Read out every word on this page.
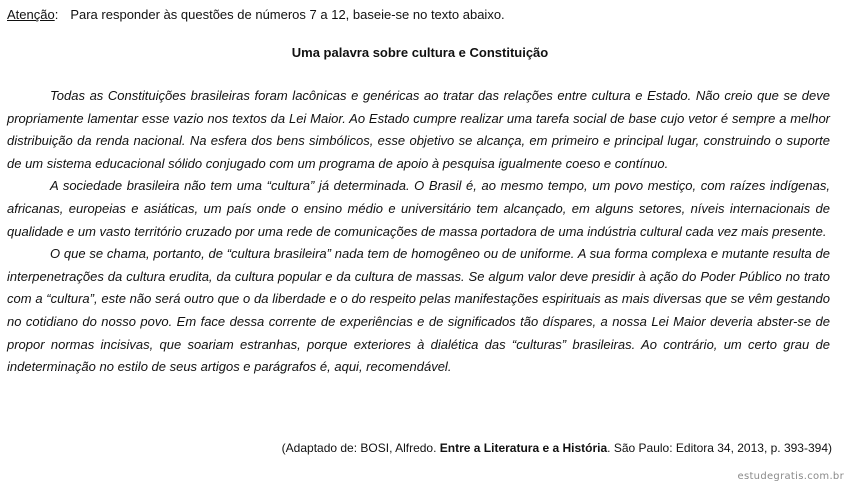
Atenção: Para responder às questões de números 7 a 12, baseie-se no texto abaixo.
Uma palavra sobre cultura e Constituição

Todas as Constituições brasileiras foram lacônicas e genéricas ao tratar das relações entre cultura e Estado. Não creio que se deve propriamente lamentar esse vazio nos textos da Lei Maior. Ao Estado cumpre realizar uma tarefa social de base cujo vetor é sempre a melhor distribuição da renda nacional. Na esfera dos bens simbólicos, esse objetivo se alcança, em primeiro e principal lugar, construindo o suporte de um sistema educacional sólido conjugado com um programa de apoio à pesquisa igualmente coeso e contínuo.

A sociedade brasileira não tem uma “cultura” já determinada. O Brasil é, ao mesmo tempo, um povo mestiço, com raízes indígenas, africanas, europeias e asiáticas, um país onde o ensino médio e universitário tem alcançado, em alguns setores, níveis internacionais de qualidade e um vasto território cruzado por uma rede de comunicações de massa portadora de uma indústria cultural cada vez mais presente.

O que se chama, portanto, de “cultura brasileira” nada tem de homogêneo ou de uniforme. A sua forma complexa e mutante resulta de interpenetrações da cultura erudita, da cultura popular e da cultura de massas. Se algum valor deve presidir à ação do Poder Público no trato com a “cultura”, este não será outro que o da liberdade e o do respeito pelas manifestações espirituais as mais diversas que se vêm gestando no cotidiano do nosso povo. Em face dessa corrente de experiências e de significados tão díspares, a nossa Lei Maior deveria abster-se de propor normas incisivas, que soariam estranhas, porque exteriores à dialética das “culturas” brasileiras. Ao contrário, um certo grau de indeterminação no estilo de seus artigos e parágrafos é, aqui, recomendável.

(Adaptado de: BOSI, Alfredo. Entre a Literatura e a História. São Paulo: Editora 34, 2013, p. 393-394)
estudegratis.com.br
